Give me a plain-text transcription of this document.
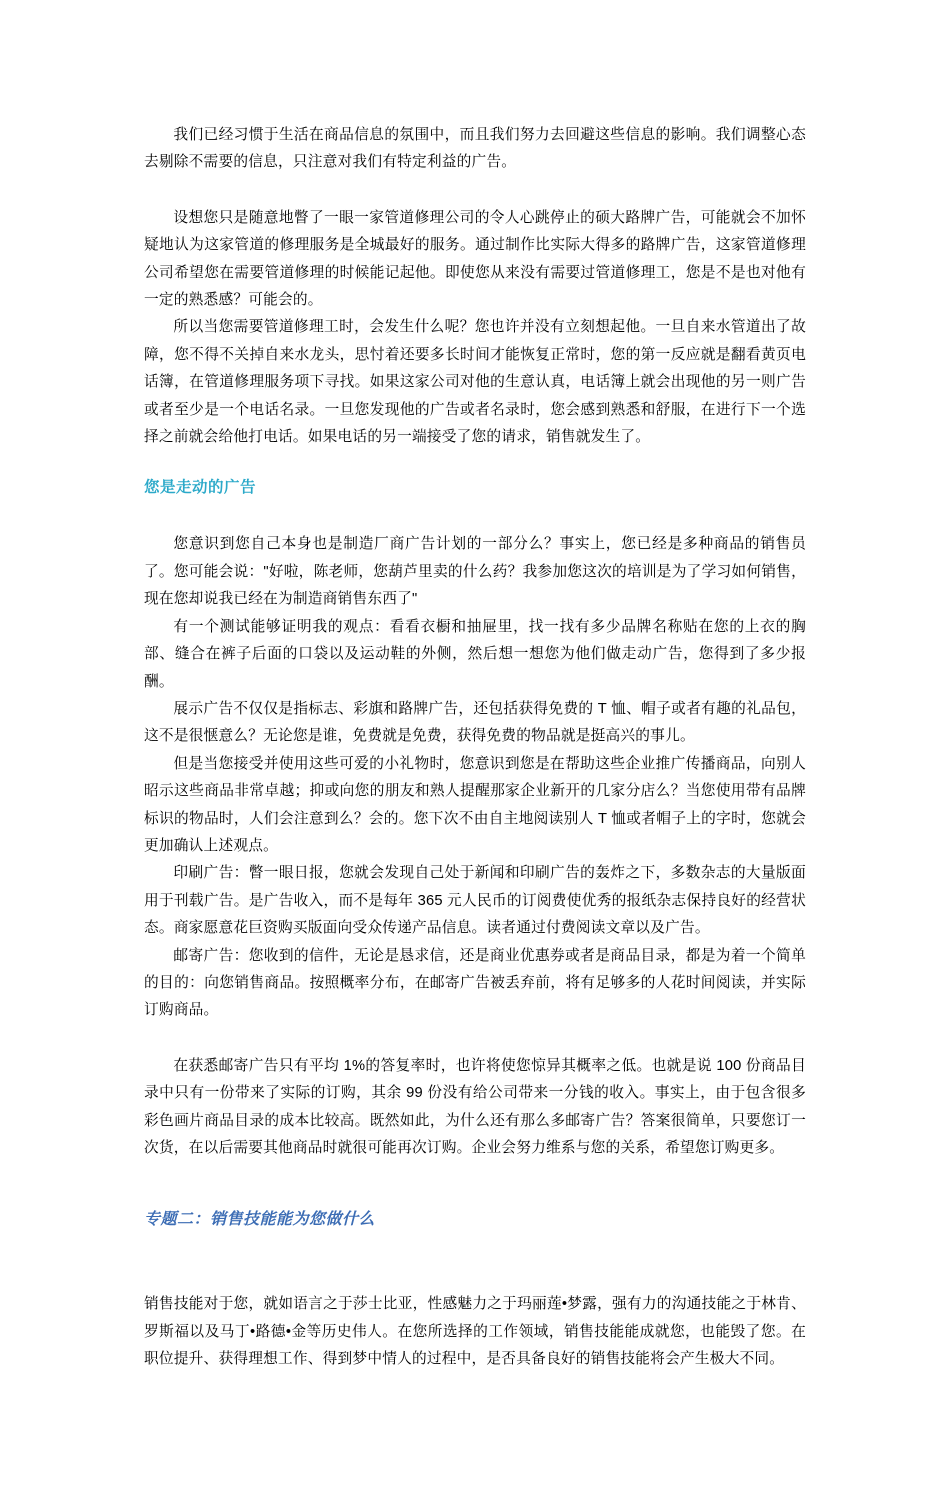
我们已经习惯于生活在商品信息的氛围中，而且我们努力去回避这些信息的影响。我们调整心态去剔除不需要的信息，只注意对我们有特定利益的广告。

设想您只是随意地瞥了一眼一家管道修理公司的令人心跳停止的硕大路牌广告，可能就会不加怀疑地认为这家管道的修理服务是全城最好的服务。通过制作比实际大得多的路牌广告，这家管道修理公司希望您在需要管道修理的时候能记起他。即使您从来没有需要过管道修理工，您是不是也对他有一定的熟悉感？可能会的。

所以当您需要管道修理工时，会发生什么呢？您也许并没有立刻想起他。一旦自来水管道出了故障，您不得不关掉自来水龙头，思忖着还要多长时间才能恢复正常时，您的第一反应就是翻看黄页电话簿，在管道修理服务项下寻找。如果这家公司对他的生意认真，电话簿上就会出现他的另一则广告或者至少是一个电话名录。一旦您发现他的广告或者名录时，您会感到熟悉和舒服，在进行下一个选择之前就会给他打电话。如果电话的另一端接受了您的请求，销售就发生了。

您是走动的广告

您意识到您自己本身也是制造厂商广告计划的一部分么？事实上，您已经是多种商品的销售员了。您可能会说："好啦，陈老师，您葫芦里卖的什么药？我参加您这次的培训是为了学习如何销售，现在您却说我已经在为制造商销售东西了"

有一个测试能够证明我的观点：看看衣橱和抽屉里，找一找有多少品牌名称贴在您的上衣的胸部、缝合在裤子后面的口袋以及运动鞋的外侧，然后想一想您为他们做走动广告，您得到了多少报酬。

展示广告不仅仅是指标志、彩旗和路牌广告，还包括获得免费的 T 恤、帽子或者有趣的礼品包，这不是很惬意么？无论您是谁，免费就是免费，获得免费的物品就是挺高兴的事儿。

但是当您接受并使用这些可爱的小礼物时，您意识到您是在帮助这些企业推广传播商品，向别人昭示这些商品非常卓越；抑或向您的朋友和熟人提醒那家企业新开的几家分店么？当您使用带有品牌标识的物品时，人们会注意到么？会的。您下次不由自主地阅读别人 T 恤或者帽子上的字时，您就会更加确认上述观点。

印刷广告：瞥一眼日报，您就会发现自己处于新闻和印刷广告的轰炸之下，多数杂志的大量版面用于刊载广告。是广告收入，而不是每年 365 元人民币的订阅费使优秀的报纸杂志保持良好的经营状态。商家愿意花巨资购买版面向受众传递产品信息。读者通过付费阅读文章以及广告。

邮寄广告：您收到的信件，无论是恳求信，还是商业优惠券或者是商品目录，都是为着一个简单的目的：向您销售商品。按照概率分布，在邮寄广告被丢弃前，将有足够多的人花时间阅读，并实际订购商品。

在获悉邮寄广告只有平均 1%的答复率时，也许将使您惊异其概率之低。也就是说 100 份商品目录中只有一份带来了实际的订购，其余 99 份没有给公司带来一分钱的收入。事实上，由于包含很多彩色画片商品目录的成本比较高。既然如此，为什么还有那么多邮寄广告？答案很简单，只要您订一次货，在以后需要其他商品时就很可能再次订购。企业会努力维系与您的关系，希望您订购更多。

专题二：销售技能能为您做什么

销售技能对于您，就如语言之于莎士比亚，性感魅力之于玛丽莲•梦露，强有力的沟通技能之于林肯、罗斯福以及马丁•路德•金等历史伟人。在您所选择的工作领域，销售技能能成就您，也能毁了您。在职位提升、获得理想工作、得到梦中情人的过程中，是否具备良好的销售技能将会产生极大不同。
